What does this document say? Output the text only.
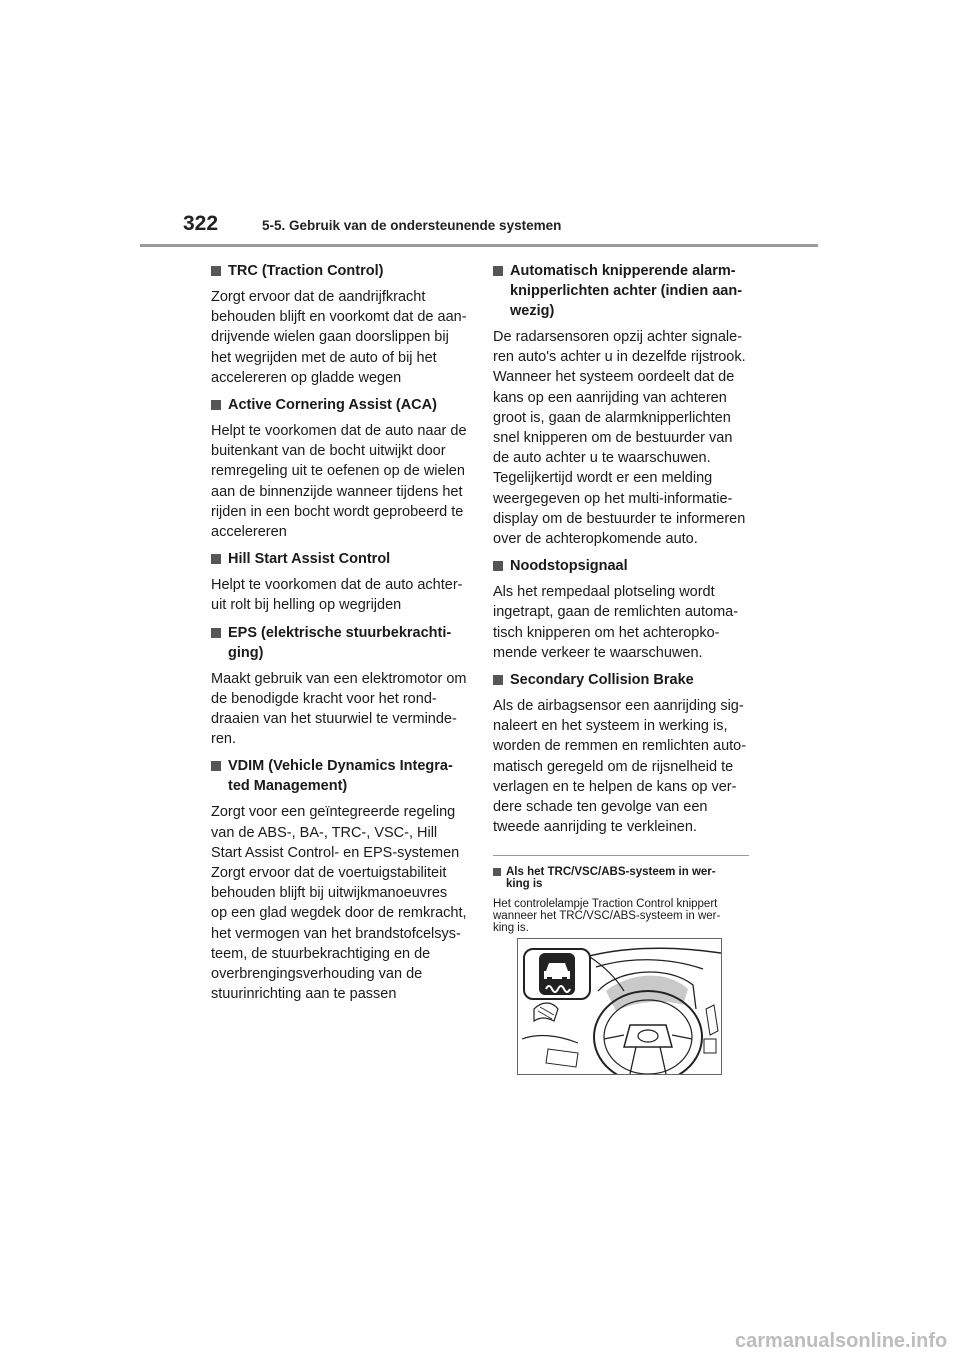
322	5-5. Gebruik van de ondersteunende systemen
TRC (Traction Control)
Zorgt ervoor dat de aandrijfkracht
behouden blijft en voorkomt dat de aan-
drijvende wielen gaan doorslippen bij
het wegrijden met de auto of bij het
accelereren op gladde wegen
Active Cornering Assist (ACA)
Helpt te voorkomen dat de auto naar de
buitenkant van de bocht uitwijkt door
remregeling uit te oefenen op de wielen
aan de binnenzijde wanneer tijdens het
rijden in een bocht wordt geprobeerd te
accelereren
Hill Start Assist Control
Helpt te voorkomen dat de auto achter-
uit rolt bij helling op wegrijden
EPS (elektrische stuurbekrachti-
ging)
Maakt gebruik van een elektromotor om
de benodigde kracht voor het rond-
draaien van het stuurwiel te verminde-
ren.
VDIM (Vehicle Dynamics Integra-
ted Management)
Zorgt voor een geïntegreerde regeling
van de ABS-, BA-, TRC-, VSC-, Hill
Start Assist Control- en EPS-systemen
Zorgt ervoor dat de voertuigstabiliteit
behouden blijft bij uitwijkmanoeuvres
op een glad wegdek door de remkracht,
het vermogen van het brandstofcelsys-
teem, de stuurbekrachtiging en de
overbrengingsverhouding van de
stuurinrichting aan te passen
Automatisch knipperende alarm-
knipperlichten achter (indien aan-
wezig)
De radarsensoren opzij achter signale-
ren auto's achter u in dezelfde rijstrook.
Wanneer het systeem oordeelt dat de
kans op een aanrijding van achteren
groot is, gaan de alarmknipperlichten
snel knipperen om de bestuurder van
de auto achter u te waarschuwen.
Tegelijkertijd wordt er een melding
weergegeven op het multi-informatie-
display om de bestuurder te informeren
over de achteropkomende auto.
Noodstopsignaal
Als het rempedaal plotseling wordt
ingetrapt, gaan de remlichten automa-
tisch knipperen om het achteropko-
mende verkeer te waarschuwen.
Secondary Collision Brake
Als de airbagsensor een aanrijding sig-
naleert en het systeem in werking is,
worden de remmen en remlichten auto-
matisch geregeld om de rijsnelheid te
verlagen en te helpen de kans op ver-
dere schade ten gevolge van een
tweede aanrijding te verkleinen.
Als het TRC/VSC/ABS-systeem in wer-
king is
Het controlelampje Traction Control knippert
wanneer het TRC/VSC/ABS-systeem in wer-
king is.
carmanualsonline.info
